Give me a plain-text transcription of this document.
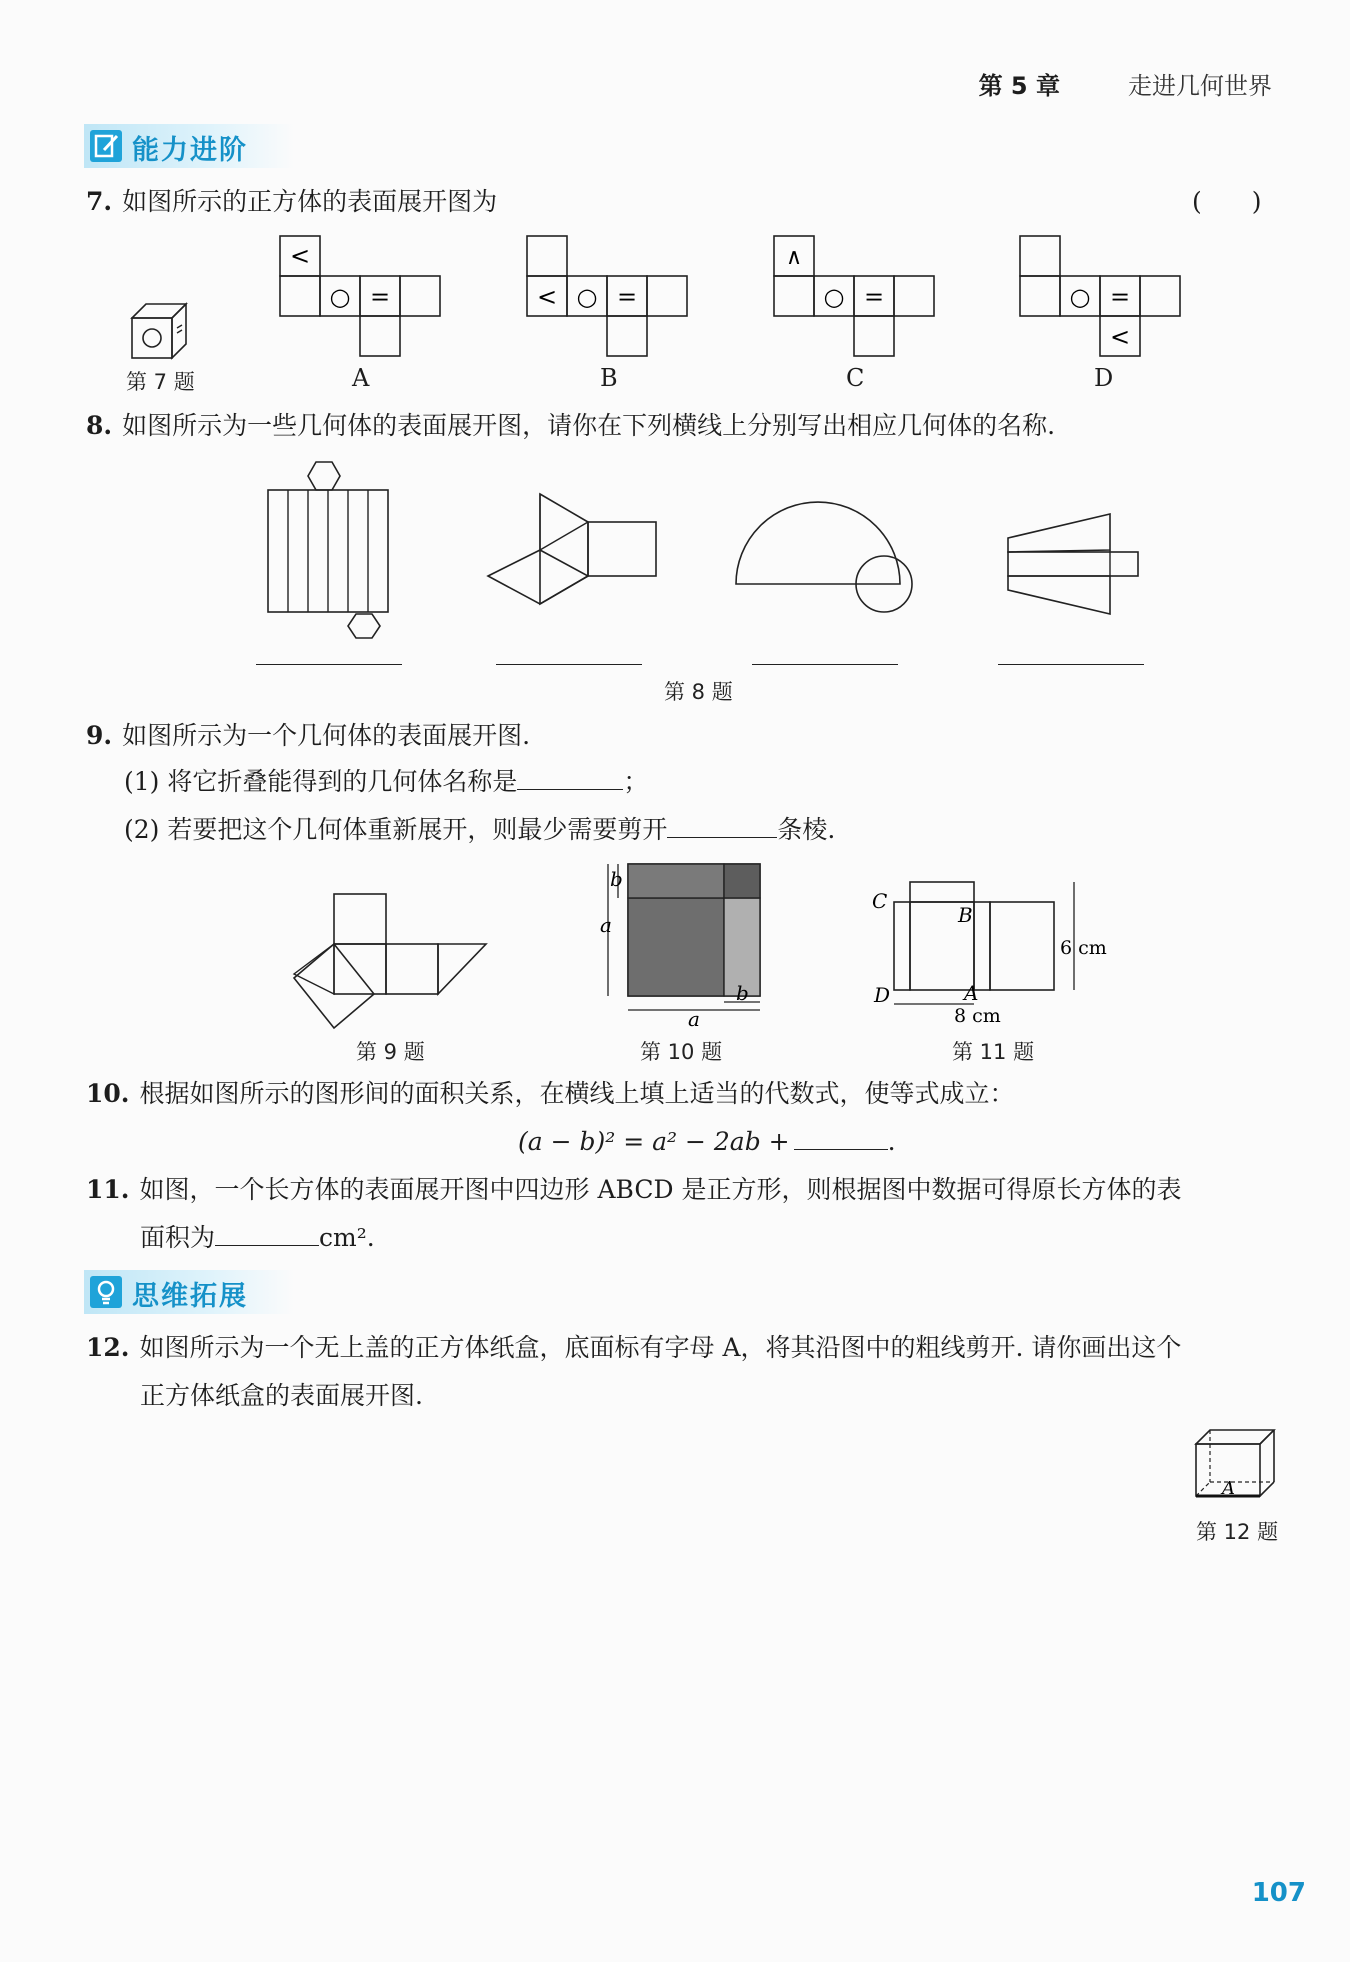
第 5 章	走进几何世界
能力进阶
7. 如图所示的正方体的表面展开图为	(　　)
第 7 题
<
○ =
A
< ○ =
B
∧
○ =
C
○ =
<
D
8. 如图所示为一些几何体的表面展开图，请你在下列横线上分别写出相应几何体的名称.
第 8 题
9. 如图所示为一个几何体的表面展开图.
(1) 将它折叠能得到的几何体名称是	；
(2) 若要把这个几何体重新展开，则最少需要剪开	条棱.
第 9 题
a
b
a
b
第 10 题
C
B
D	A
6 cm
8 cm
第 11 题
10. 根据如图所示的图形间的面积关系，在横线上填上适当的代数式，使等式成立：
(a − b)² = a² − 2ab +	.
11. 如图，一个长方体的表面展开图中四边形 ABCD 是正方形，则根据图中数据可得原长方体的表
面积为	cm².
思维拓展
12. 如图所示为一个无上盖的正方体纸盒，底面标有字母 A，将其沿图中的粗线剪开. 请你画出这个
正方体纸盒的表面展开图.
A
第 12 题
107
